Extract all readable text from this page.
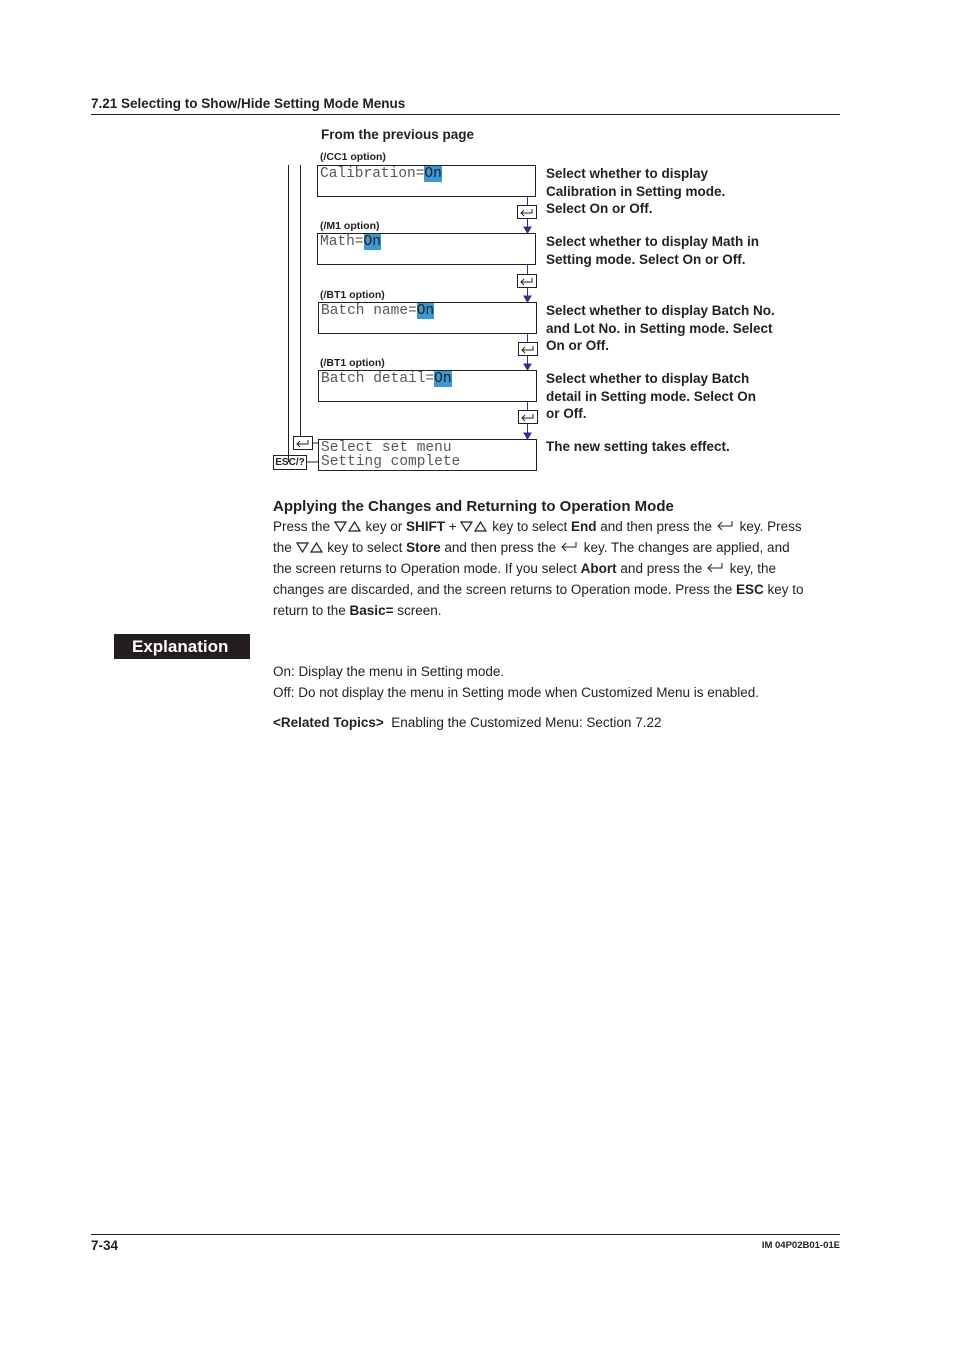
7.21 Selecting to Show/Hide Setting Mode Menus
From the previous page
(/CC1 option)
Calibration=On	Select whether to display
Calibration in Setting mode.
Select On or Off.
(/M1 option)
Math=On	Select whether to display Math in
Setting mode. Select On or Off.
(/BT1 option)
Batch name=On	Select whether to display Batch No.
and Lot No. in Setting mode. Select
On or Off.
(/BT1 option)
Batch detail=On	Select whether to display Batch
detail in Setting mode. Select On
or Off.
Select set menu
Setting complete
ESC/?
The new setting takes effect.
Applying the Changes and Returning to Operation Mode
Press the  key or SHIFT +  key to select End and then press the  key. Press
the  key to select Store and then press the  key. The changes are applied, and
the screen returns to Operation mode. If you select Abort and press the  key, the
changes are discarded, and the screen returns to Operation mode. Press the ESC key to
return to the Basic= screen.
Explanation
On: Display the menu in Setting mode.
Off: Do not display the menu in Setting mode when Customized Menu is enabled.
<Related Topics>  Enabling the Customized Menu: Section 7.22
7-34	IM 04P02B01-01E
